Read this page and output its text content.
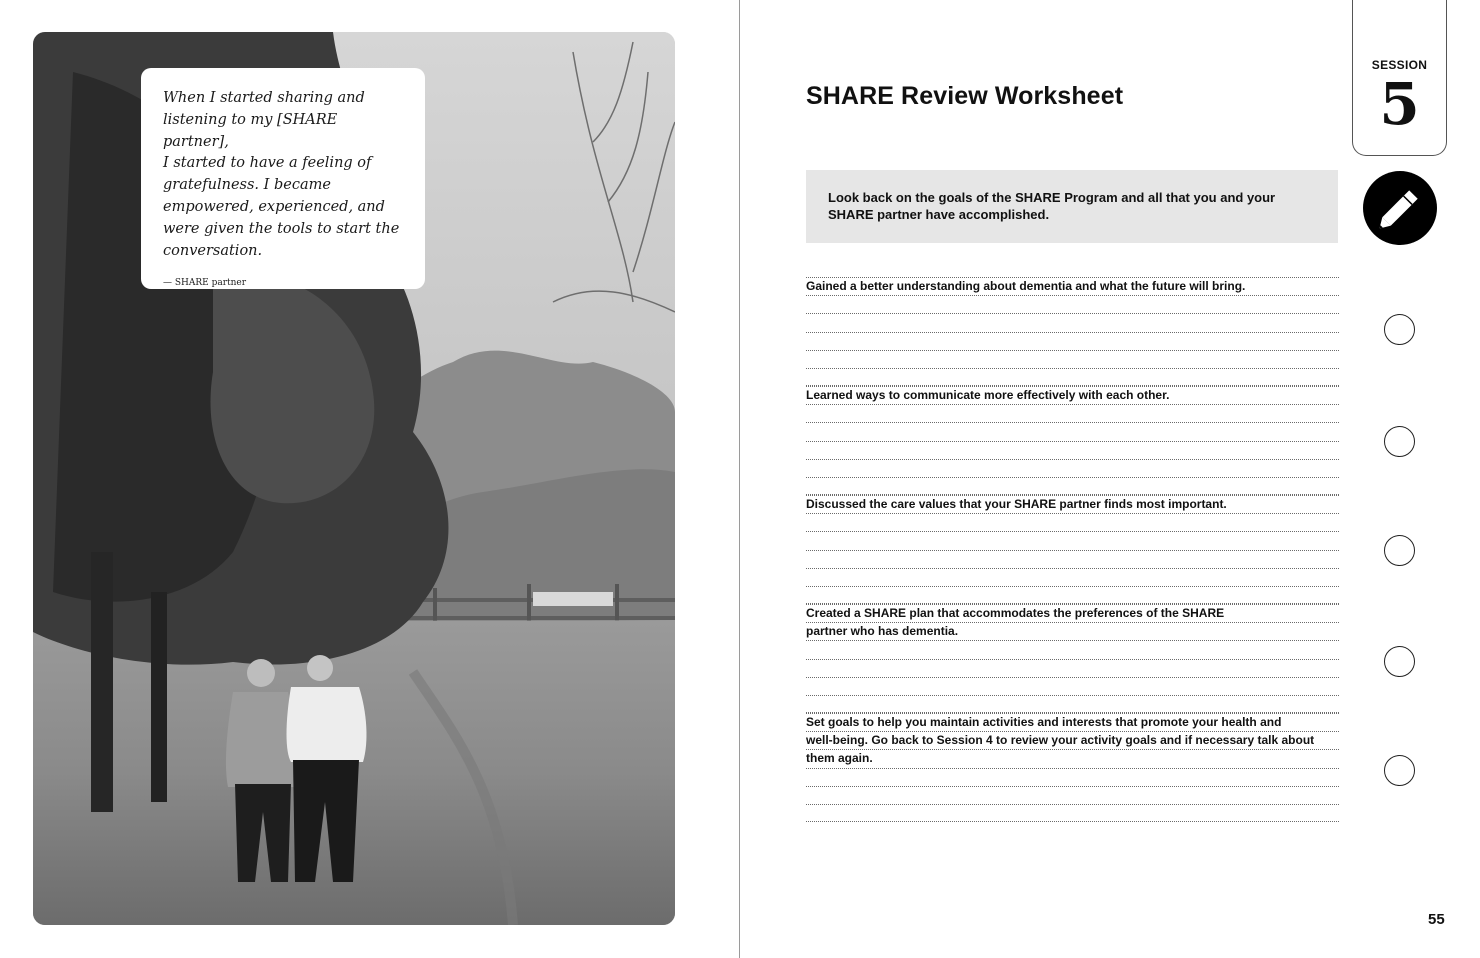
When I started sharing and
listening to my [SHARE partner],
I started to have a feeling of
gratefulness. I became
empowered, experienced, and
were given the tools to start the
conversation.
— SHARE partner
SESSION
5
SHARE Review Worksheet
Look back on the goals of the SHARE Program and all that you and your
SHARE partner have accomplished.
Gained a better understanding about dementia and what the future will bring.
Learned ways to communicate more effectively with each other.
Discussed the care values that your SHARE partner finds most important.
Created a SHARE plan that accommodates the preferences of the SHARE
partner who has dementia.
Set goals to help you maintain activities and interests that promote your health and
well-being. Go back to Session 4 to review your activity goals and if necessary talk about
them again.
55
